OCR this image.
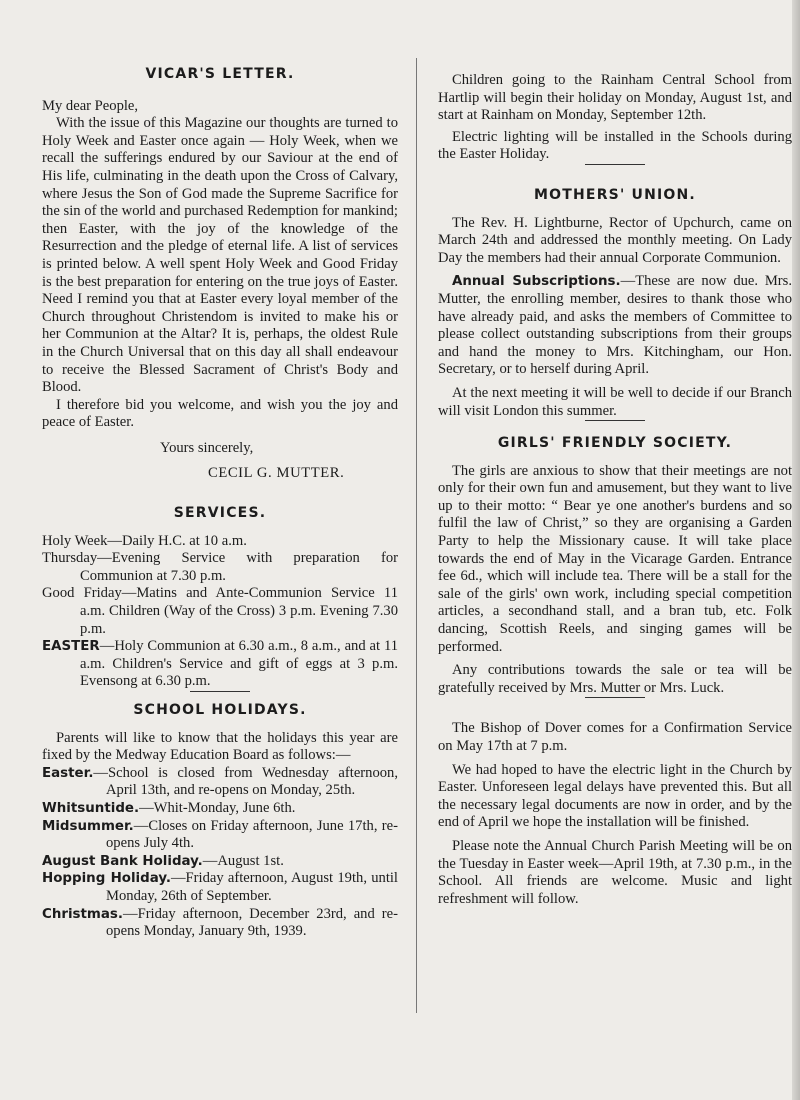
VICAR'S LETTER.

My dear People,

With the issue of this Magazine our thoughts are turned to Holy Week and Easter once again — Holy Week, when we recall the sufferings endured by our Saviour at the end of His life, culminating in the death upon the Cross of Calvary, where Jesus the Son of God made the Supreme Sacrifice for the sin of the world and purchased Redemption for mankind; then Easter, with the joy of the knowledge of the Resurrection and the pledge of eternal life. A list of services is printed below. A well spent Holy Week and Good Friday is the best preparation for entering on the true joys of Easter. Need I remind you that at Easter every loyal member of the Church throughout Christendom is invited to make his or her Communion at the Altar? It is, perhaps, the oldest Rule in the Church Universal that on this day all shall endeavour to receive the Blessed Sacrament of Christ's Body and Blood.

I therefore bid you welcome, and wish you the joy and peace of Easter.

Yours sincerely,

CECIL G. MUTTER.

SERVICES.

Holy Week—Daily H.C. at 10 a.m.

Thursday—Evening Service with preparation for Communion at 7.30 p.m.

Good Friday—Matins and Ante-Communion Service 11 a.m. Children (Way of the Cross) 3 p.m. Evening 7.30 p.m.

EASTER—Holy Communion at 6.30 a.m., 8 a.m., and at 11 a.m. Children's Service and gift of eggs at 3 p.m. Evensong at 6.30 p.m.

SCHOOL HOLIDAYS.

Parents will like to know that the holidays this year are fixed by the Medway Education Board as follows:—

Easter.—School is closed from Wednesday afternoon, April 13th, and re-opens on Monday, 25th.

Whitsuntide.—Whit-Monday, June 6th.

Midsummer.—Closes on Friday afternoon, June 17th, re-opens July 4th.

August Bank Holiday.—August 1st.

Hopping Holiday.—Friday afternoon, August 19th, until Monday, 26th of September.

Christmas.—Friday afternoon, December 23rd, and re-opens Monday, January 9th, 1939.

Children going to the Rainham Central School from Hartlip will begin their holiday on Monday, August 1st, and start at Rainham on Monday, September 12th.

Electric lighting will be installed in the Schools during the Easter Holiday.

MOTHERS' UNION.

The Rev. H. Lightburne, Rector of Upchurch, came on March 24th and addressed the monthly meeting. On Lady Day the members had their annual Corporate Communion.

Annual Subscriptions.—These are now due. Mrs. Mutter, the enrolling member, desires to thank those who have already paid, and asks the members of Committee to please collect outstanding subscriptions from their groups and hand the money to Mrs. Kitchingham, our Hon. Secretary, or to herself during April.

At the next meeting it will be well to decide if our Branch will visit London this summer.

GIRLS' FRIENDLY SOCIETY.

The girls are anxious to show that their meetings are not only for their own fun and amusement, but they want to live up to their motto: “ Bear ye one another's burdens and so fulfil the law of Christ,” so they are organising a Garden Party to help the Missionary cause. It will take place towards the end of May in the Vicarage Garden. Entrance fee 6d., which will include tea. There will be a stall for the sale of the girls' own work, including special competition articles, a secondhand stall, and a bran tub, etc. Folk dancing, Scottish Reels, and singing games will be performed.

Any contributions towards the sale or tea will be gratefully received by Mrs. Mutter or Mrs. Luck.

The Bishop of Dover comes for a Confirmation Service on May 17th at 7 p.m.

We had hoped to have the electric light in the Church by Easter. Unforeseen legal delays have prevented this. But all the necessary legal documents are now in order, and by the end of April we hope the installation will be finished.

Please note the Annual Church Parish Meeting will be on the Tuesday in Easter week—April 19th, at 7.30 p.m., in the School. All friends are welcome. Music and light refreshment will follow.
